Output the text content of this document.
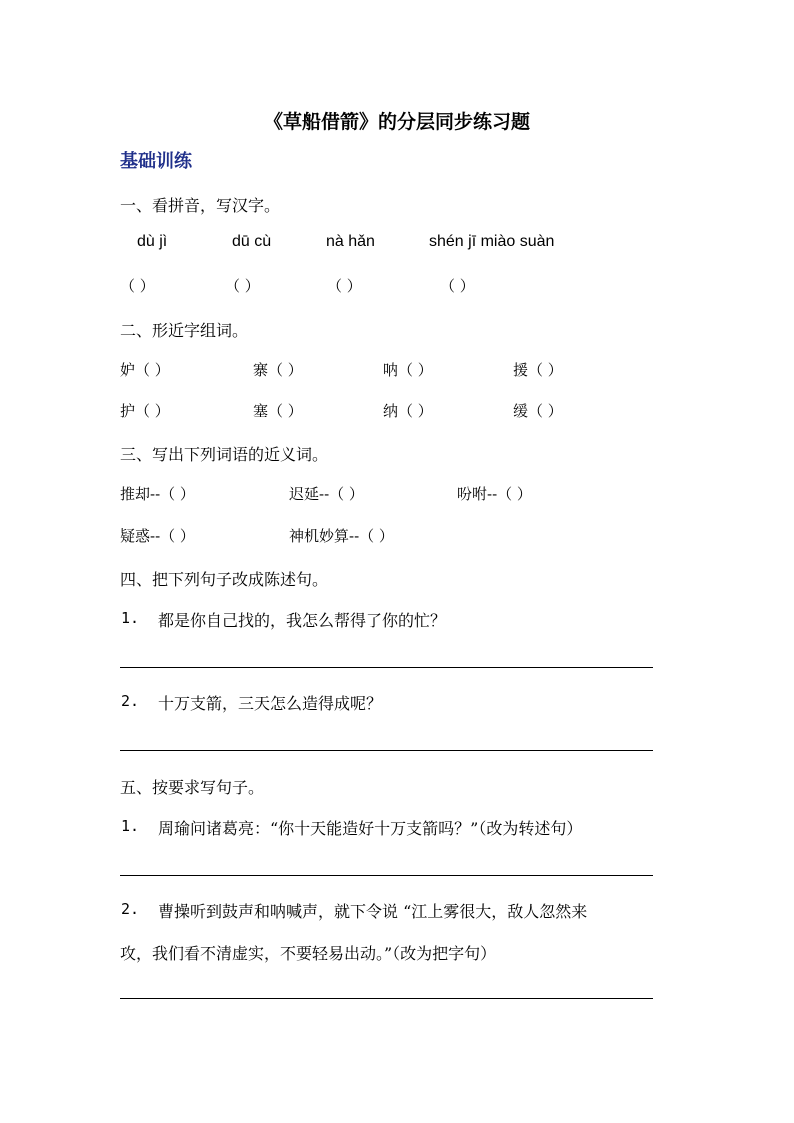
《草船借箭》的分层同步练习题
基础训练
一、看拼音，写汉字。
dù jì	dū cù	nà hǎn	shén jī miào suàn
（ ）	（ ）	（ ）	（ ）
二、形近字组词。
妒（ ）	寨（ ）	呐（ ）	援（ ）
护（ ）	塞（ ）	纳（ ）	缓（ ）
三、写出下列词语的近义词。
推却--（ ）	迟延--（ ）	吩咐--（ ）
疑惑--（ ）	神机妙算--（ ）
四、把下列句子改成陈述句。
1. 都是你自己找的，我怎么帮得了你的忙？
2. 十万支箭，三天怎么造得成呢？
五、按要求写句子。
1. 周瑜问诸葛亮：“你十天能造好十万支箭吗？”（改为转述句）
2. 曹操听到鼓声和呐喊声，就下令说 “江上雾很大，敌人忽然来
攻，我们看不清虚实，不要轻易出动。”（改为把字句）
